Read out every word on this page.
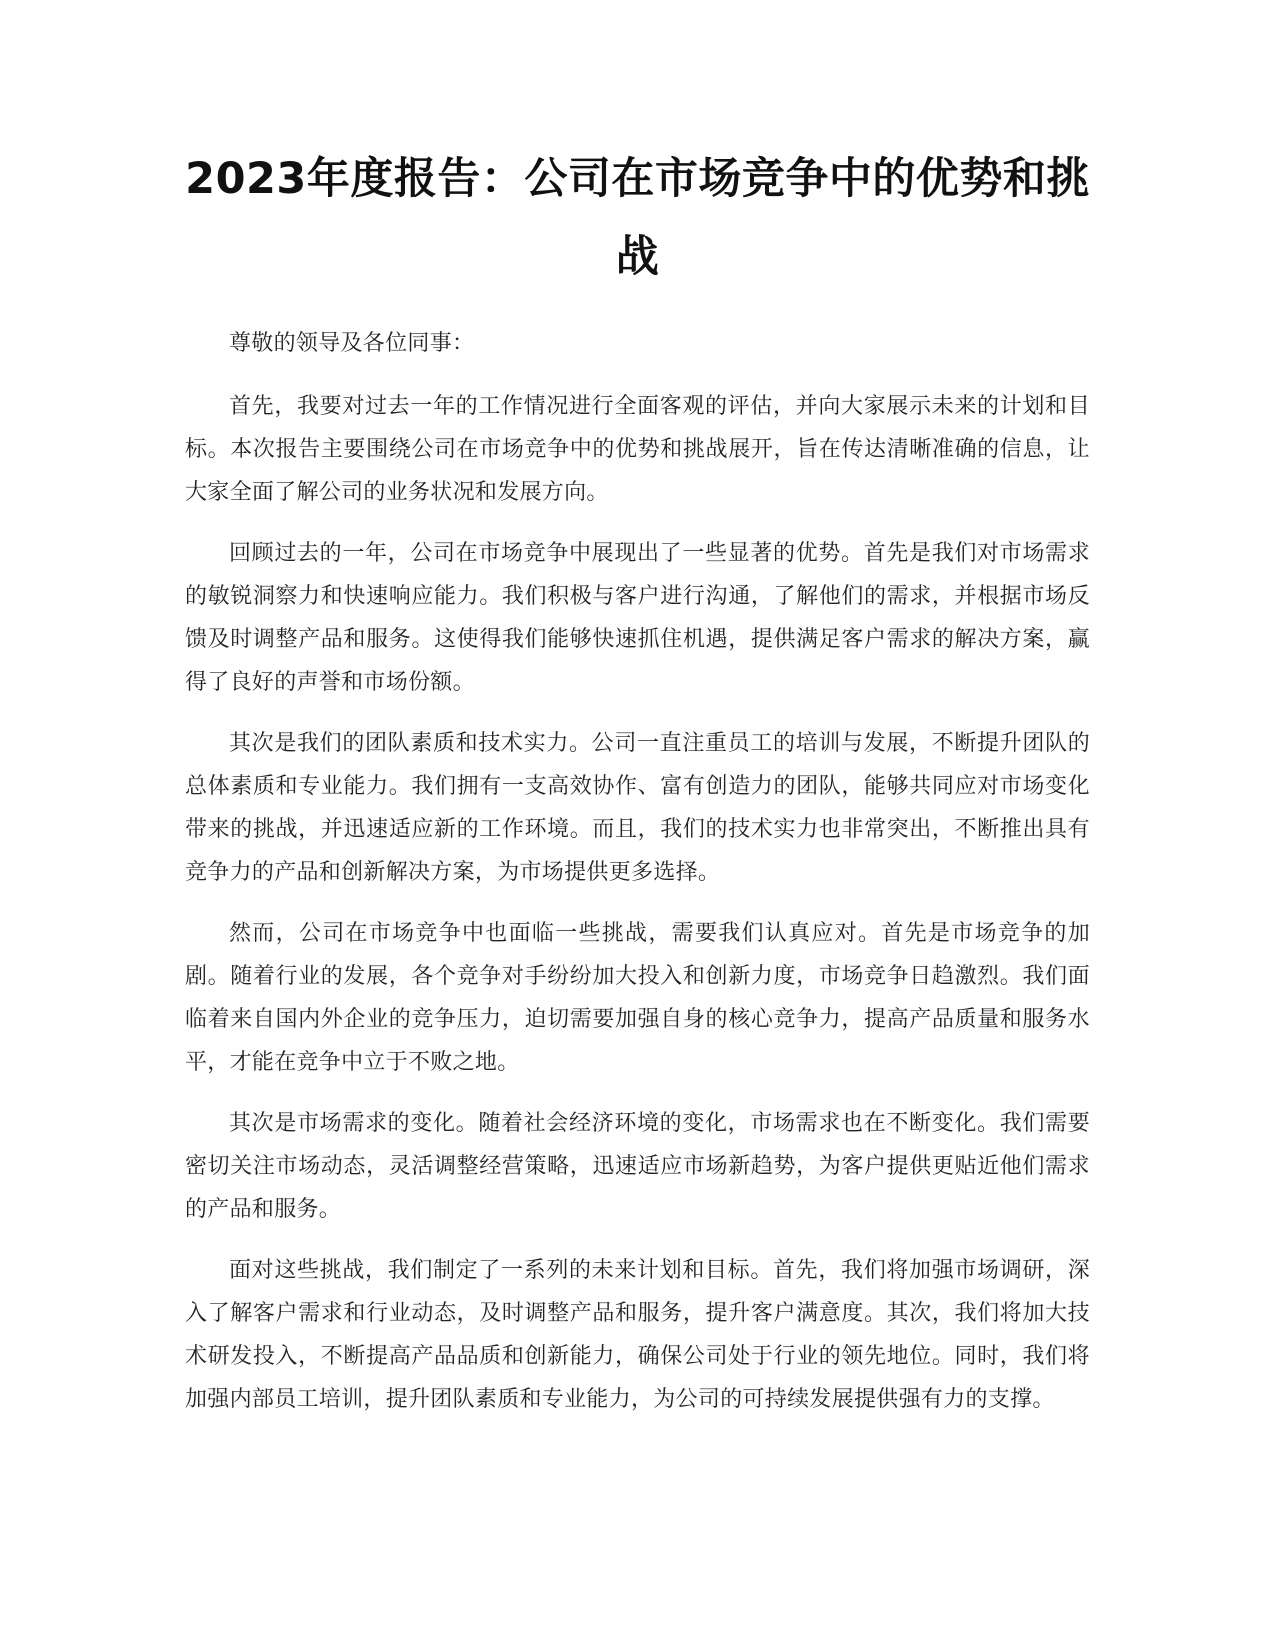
2023年度报告：公司在市场竞争中的优势和挑战

尊敬的领导及各位同事：

首先，我要对过去一年的工作情况进行全面客观的评估，并向大家展示未来的计划和目标。本次报告主要围绕公司在市场竞争中的优势和挑战展开，旨在传达清晰准确的信息，让大家全面了解公司的业务状况和发展方向。

回顾过去的一年，公司在市场竞争中展现出了一些显著的优势。首先是我们对市场需求的敏锐洞察力和快速响应能力。我们积极与客户进行沟通，了解他们的需求，并根据市场反馈及时调整产品和服务。这使得我们能够快速抓住机遇，提供满足客户需求的解决方案，赢得了良好的声誉和市场份额。

其次是我们的团队素质和技术实力。公司一直注重员工的培训与发展，不断提升团队的总体素质和专业能力。我们拥有一支高效协作、富有创造力的团队，能够共同应对市场变化带来的挑战，并迅速适应新的工作环境。而且，我们的技术实力也非常突出，不断推出具有竞争力的产品和创新解决方案，为市场提供更多选择。

然而，公司在市场竞争中也面临一些挑战，需要我们认真应对。首先是市场竞争的加剧。随着行业的发展，各个竞争对手纷纷加大投入和创新力度，市场竞争日趋激烈。我们面临着来自国内外企业的竞争压力，迫切需要加强自身的核心竞争力，提高产品质量和服务水平，才能在竞争中立于不败之地。

其次是市场需求的变化。随着社会经济环境的变化，市场需求也在不断变化。我们需要密切关注市场动态，灵活调整经营策略，迅速适应市场新趋势，为客户提供更贴近他们需求的产品和服务。

面对这些挑战，我们制定了一系列的未来计划和目标。首先，我们将加强市场调研，深入了解客户需求和行业动态，及时调整产品和服务，提升客户满意度。其次，我们将加大技术研发投入，不断提高产品品质和创新能力，确保公司处于行业的领先地位。同时，我们将加强内部员工培训，提升团队素质和专业能力，为公司的可持续发展提供强有力的支撑。
